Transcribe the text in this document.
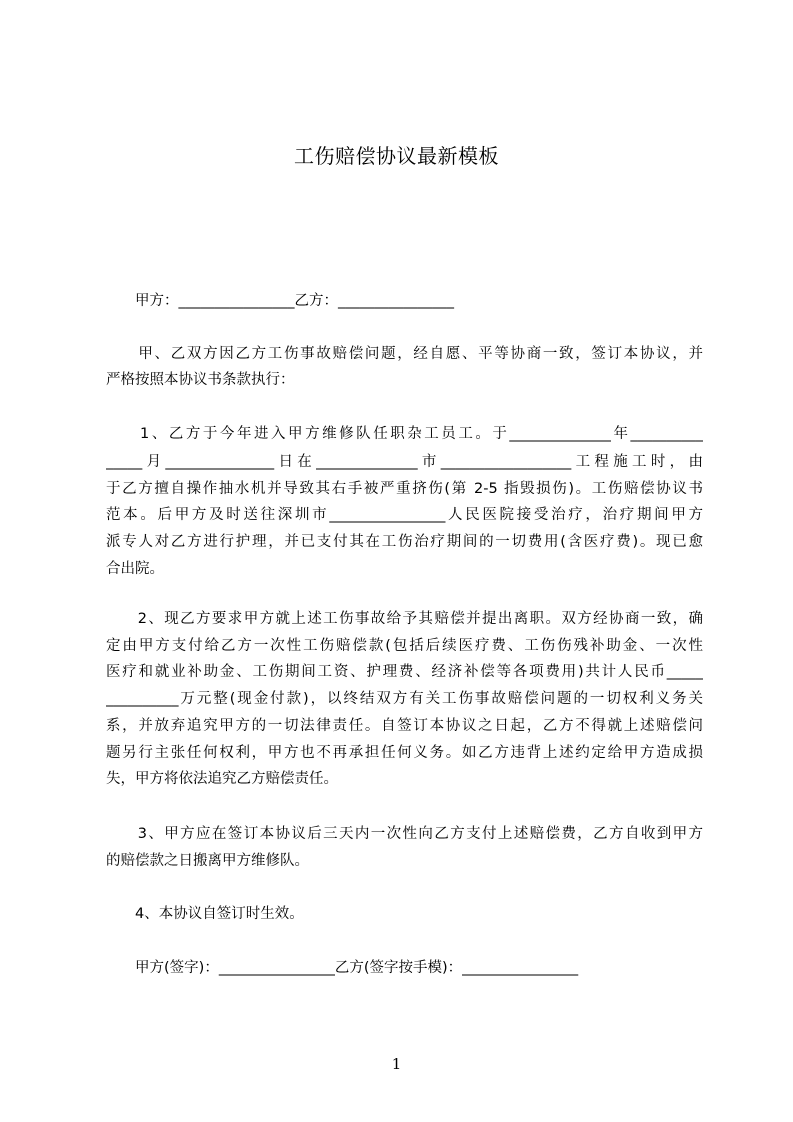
工伤赔偿协议最新模板
　　甲方：________________乙方：________________
　　甲、乙双方因乙方工伤事故赔偿问题，经自愿、平等协商一致，签订本协议，并
严格按照本协议书条款执行：
　　1、乙方于今年进入甲方维修队任职杂工员工。于______________年__________
_____月_______________日在______________市__________________工程施工时，由
于乙方擅自操作抽水机并导致其右手被严重挤伤(第 2-5 指毁损伤)。工伤赔偿协议书
范本。后甲方及时送往深圳市________________人民医院接受治疗，治疗期间甲方
派专人对乙方进行护理，并已支付其在工伤治疗期间的一切费用(含医疗费)。现已愈
合出院。
　　2、现乙方要求甲方就上述工伤事故给予其赔偿并提出离职。双方经协商一致，确
定由甲方支付给乙方一次性工伤赔偿款(包括后续医疗费、工伤伤残补助金、一次性
医疗和就业补助金、工伤期间工资、护理费、经济补偿等各项费用)共计人民币_____
__________万元整(现金付款)，以终结双方有关工伤事故赔偿问题的一切权利义务关
系，并放弃追究甲方的一切法律责任。自签订本协议之日起，乙方不得就上述赔偿问
题另行主张任何权利，甲方也不再承担任何义务。如乙方违背上述约定给甲方造成损
失，甲方将依法追究乙方赔偿责任。
　　3、甲方应在签订本协议后三天内一次性向乙方支付上述赔偿费，乙方自收到甲方
的赔偿款之日搬离甲方维修队。
　　4、本协议自签订时生效。
　　甲方(签字)：________________乙方(签字按手模)：________________
1
